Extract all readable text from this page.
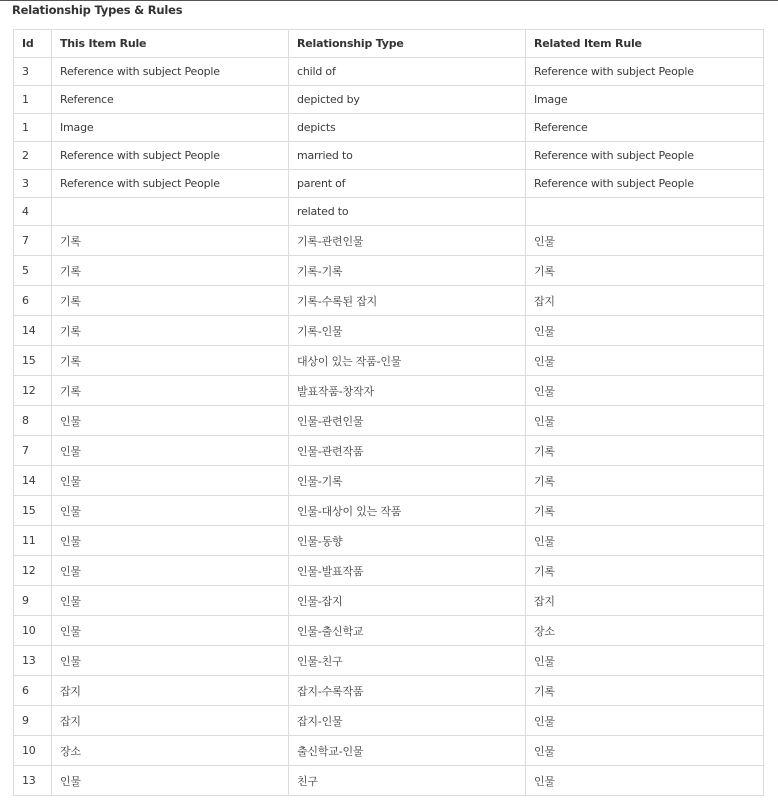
Relationship Types & Rules
Id	This Item Rule	Relationship Type	Related Item Rule
3	Reference with subject People	child of	Reference with subject People
1	Reference	depicted by	Image
1	Image	depicts	Reference
2	Reference with subject People	married to	Reference with subject People
3	Reference with subject People	parent of	Reference with subject People
4		related to	
7	기록	기록-관련인물	인물
5	기록	기록-기록	기록
6	기록	기록-수록된 잡지	잡지
14	기록	기록-인물	인물
15	기록	대상이 있는 작품-인물	인물
12	기록	발표작품-창작자	인물
8	인물	인물-관련인물	인물
7	인물	인물-관련작품	기록
14	인물	인물-기록	기록
15	인물	인물-대상이 있는 작품	기록
11	인물	인물-동향	인물
12	인물	인물-발표작품	기록
9	인물	인물-잡지	잡지
10	인물	인물-출신학교	장소
13	인물	인물-친구	인물
6	잡지	잡지-수록작품	기록
9	잡지	잡지-인물	인물
10	장소	출신학교-인물	인물
13	인물	친구	인물
